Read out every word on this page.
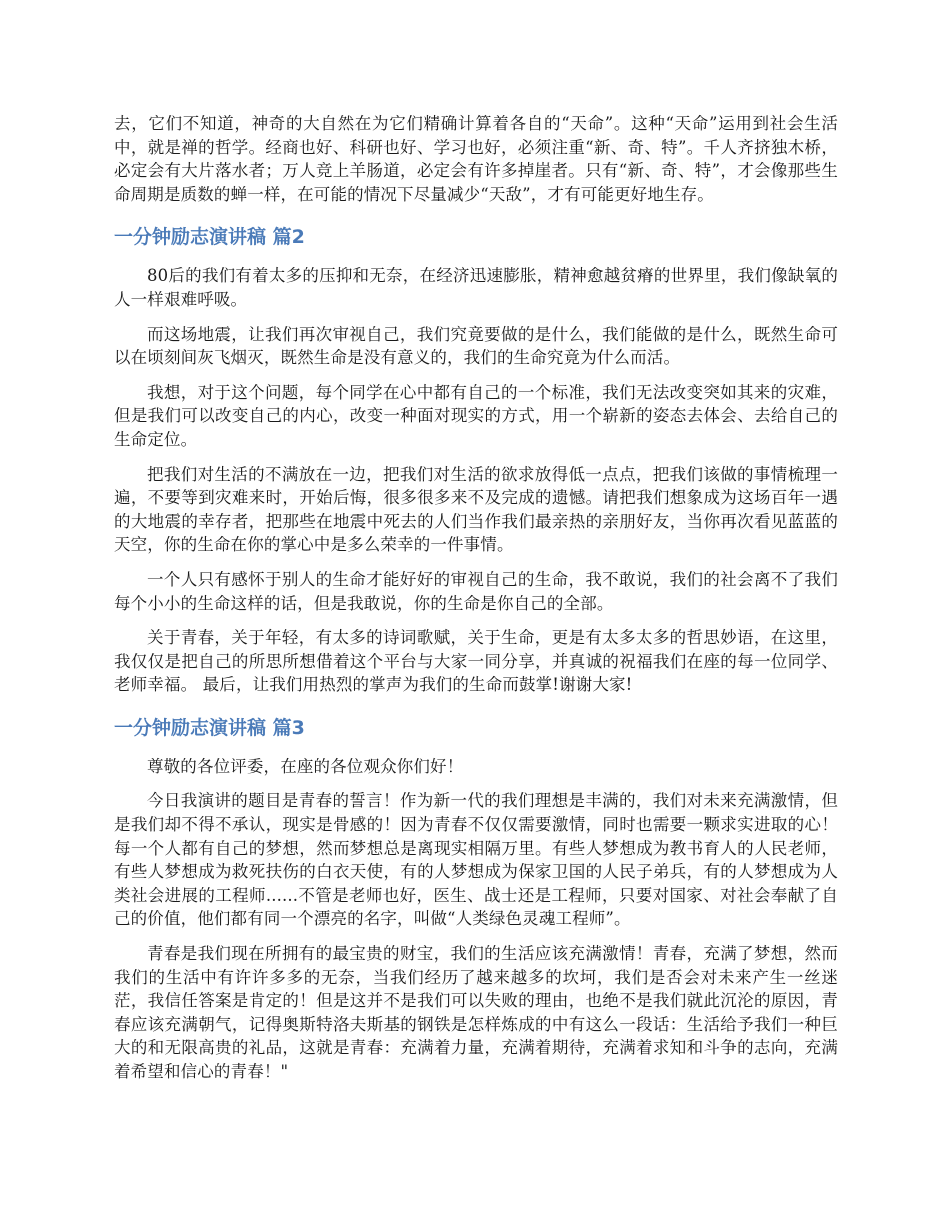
去，它们不知道，神奇的大自然在为它们精确计算着各自的“天命”。这种“天命”运用到社会生活中，就是禅的哲学。经商也好、科研也好、学习也好，必须注重“新、奇、特”。千人齐挤独木桥，必定会有大片落水者；万人竞上羊肠道，必定会有许多掉崖者。只有“新、奇、特”，才会像那些生命周期是质数的蝉一样，在可能的情况下尽量减少“天敌”，才有可能更好地生存。

一分钟励志演讲稿 篇2

80后的我们有着太多的压抑和无奈，在经济迅速膨胀，精神愈越贫瘠的世界里，我们像缺氧的人一样艰难呼吸。

而这场地震，让我们再次审视自己，我们究竟要做的是什么，我们能做的是什么，既然生命可以在顷刻间灰飞烟灭，既然生命是没有意义的，我们的生命究竟为什么而活。

我想，对于这个问题，每个同学在心中都有自己的一个标准，我们无法改变突如其来的灾难，但是我们可以改变自己的内心，改变一种面对现实的方式，用一个崭新的姿态去体会、去给自己的生命定位。

把我们对生活的不满放在一边，把我们对生活的欲求放得低一点点，把我们该做的事情梳理一遍，不要等到灾难来时，开始后悔，很多很多来不及完成的遗憾。请把我们想象成为这场百年一遇的大地震的幸存者，把那些在地震中死去的人们当作我们最亲热的亲朋好友，当你再次看见蓝蓝的天空，你的生命在你的掌心中是多么荣幸的一件事情。

一个人只有感怀于别人的生命才能好好的审视自己的生命，我不敢说，我们的社会离不了我们每个小小的生命这样的话，但是我敢说，你的生命是你自己的全部。

关于青春，关于年轻，有太多的诗词歌赋，关于生命，更是有太多太多的哲思妙语，在这里，我仅仅是把自己的所思所想借着这个平台与大家一同分享，并真诚的祝福我们在座的每一位同学、老师幸福。 最后，让我们用热烈的掌声为我们的生命而鼓掌!谢谢大家!

一分钟励志演讲稿 篇3

尊敬的各位评委，在座的各位观众你们好！

今日我演讲的题目是青春的誓言！作为新一代的我们理想是丰满的，我们对未来充满激情，但是我们却不得不承认，现实是骨感的！因为青春不仅仅需要激情，同时也需要一颗求实进取的心！每一个人都有自己的梦想，然而梦想总是离现实相隔万里。有些人梦想成为教书育人的人民老师，有些人梦想成为救死扶伤的白衣天使，有的人梦想成为保家卫国的人民子弟兵，有的人梦想成为人类社会进展的工程师......不管是老师也好，医生、战士还是工程师，只要对国家、对社会奉献了自己的价值，他们都有同一个漂亮的名字，叫做“人类绿色灵魂工程师”。

青春是我们现在所拥有的最宝贵的财宝，我们的生活应该充满激情！青春，充满了梦想，然而我们的生活中有许许多多的无奈，当我们经历了越来越多的坎坷，我们是否会对未来产生一丝迷茫，我信任答案是肯定的！但是这并不是我们可以失败的理由，也绝不是我们就此沉沦的原因，青春应该充满朝气，记得奥斯特洛夫斯基的钢铁是怎样炼成的中有这么一段话：生活给予我们一种巨大的和无限高贵的礼品，这就是青春：充满着力量，充满着期待，充满着求知和斗争的志向，充满着希望和信心的青春！"
